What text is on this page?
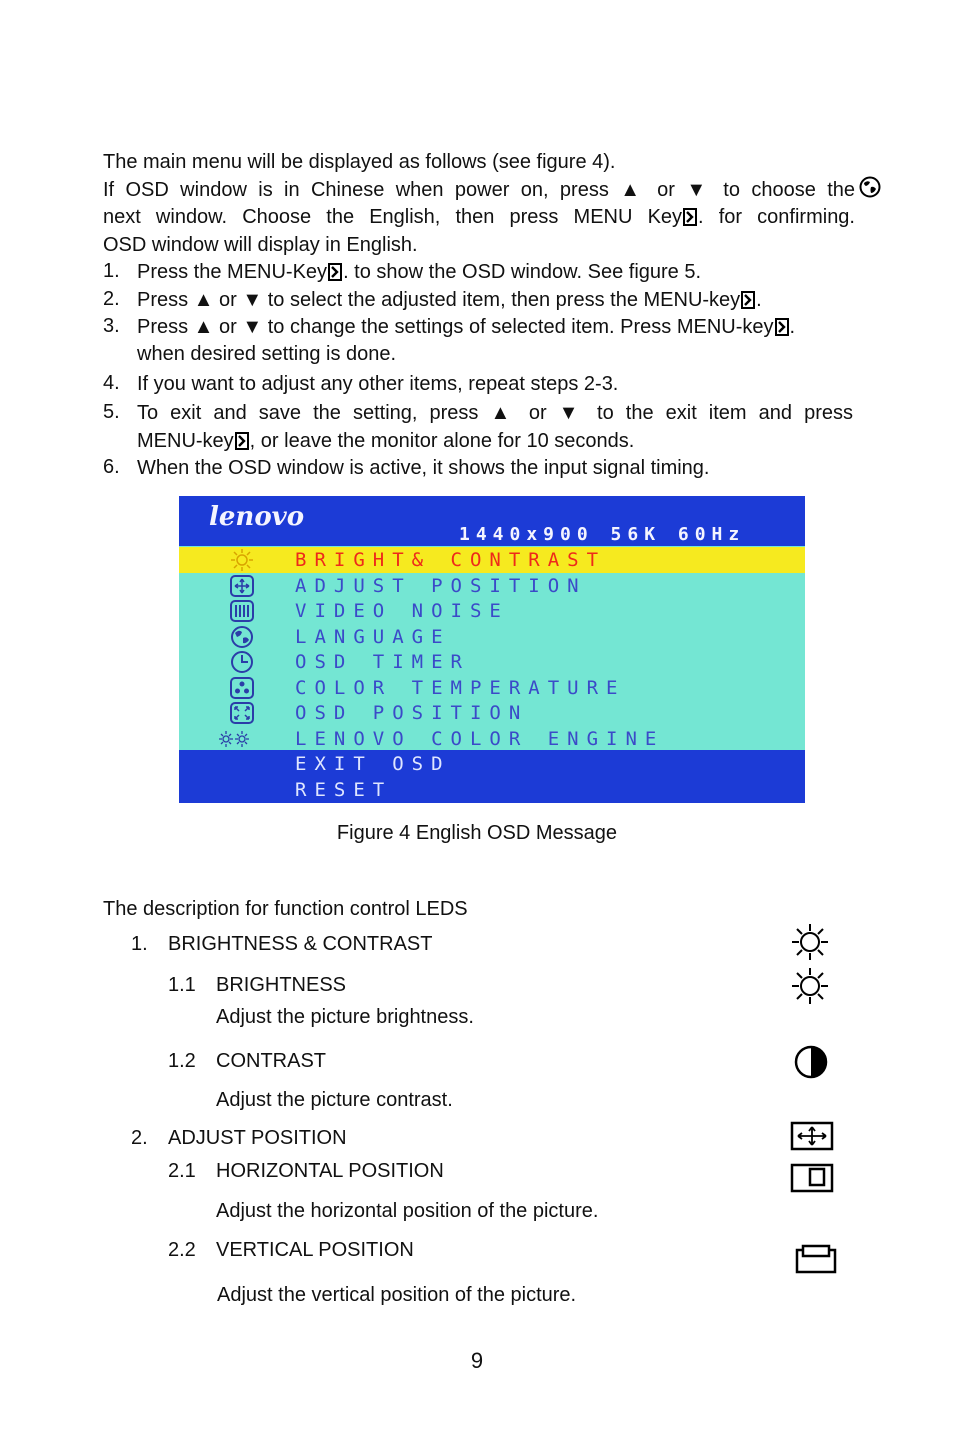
The main menu will be displayed as follows (see figure 4).
If OSD window is in Chinese when power on, press ▲ or ▼ to choose the
next window. Choose the English, then press MENU Key . for confirming.
OSD window will display in English.
1. Press the MENU-Key . to show the OSD window. See figure 5.
2. Press ▲ or ▼ to select the adjusted item, then press the MENU-key .
3. Press ▲ or ▼ to change the settings of selected item. Press MENU-key .
when desired setting is done.
4. If you want to adjust any other items, repeat steps 2-3.
5. To exit and save the setting, press ▲ or ▼ to the exit item and press
MENU-key , or leave the monitor alone for 10 seconds.
6. When the OSD window is active, it shows the input signal timing.
lenovo
1440x900 56K 60Hz
BRIGHT& CONTRAST
ADJUST POSITION
VIDEO NOISE
LANGUAGE
OSD TIMER
COLOR TEMPERATURE
OSD POSITION
LENOVO COLOR ENGINE
EXIT OSD
RESET
Figure 4 English OSD Message
The description for function control LEDS
1. BRIGHTNESS & CONTRAST
1.1 BRIGHTNESS
Adjust the picture brightness.
1.2 CONTRAST
Adjust the picture contrast.
2. ADJUST POSITION
2.1 HORIZONTAL POSITION
Adjust the horizontal position of the picture.
2.2 VERTICAL POSITION
Adjust the vertical position of the picture.
9
